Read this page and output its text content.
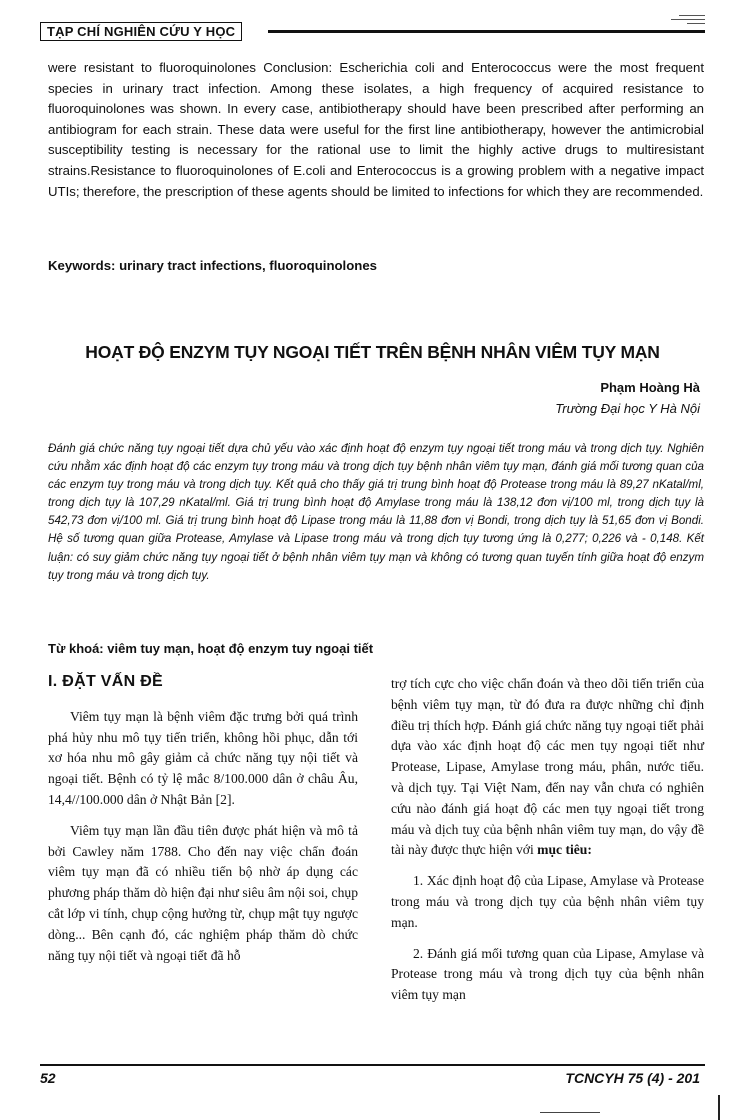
TẠP CHÍ NGHIÊN CỨU Y HỌC
were resistant to fluoroquinolones Conclusion: Escherichia coli and Enterococcus were the most frequent species in urinary tract infection. Among these isolates, a high frequency of acquired resistance to fluoroquinolones was shown. In every case, antibiotherapy should have been prescribed after performing an antibiogram for each strain. These data were useful for the first line antibiotherapy, however the antimicrobial susceptibility testing is necessary for the rational use to limit the highly active drugs to multiresistant strains.Resistance to fluoroquinolones of E.coli and Enterococcus is a growing problem with a negative impact UTIs; therefore, the prescription of these agents should be limited to infections for which they are recommended.
Keywords: urinary tract infections, fluoroquinolones
HOẠT ĐỘ ENZYM TỤY NGOẠI TIẾT TRÊN BỆNH NHÂN VIÊM TỤY MẠN
Phạm Hoàng Hà
Trường Đại học Y Hà Nội
Đánh giá chức năng tụy ngoại tiết dựa chủ yếu vào xác định hoạt độ enzym tụy ngoại tiết trong máu và trong dịch tụy. Nghiên cứu nhằm xác định hoạt độ các enzym tụy trong máu và trong dịch tụy bệnh nhân viêm tụy mạn, đánh giá mối tương quan của các enzym tụy trong máu và trong dịch tụy. Kết quả cho thấy giá trị trung bình hoạt độ Protease trong máu là 89,27 nKatal/ml, trong dịch tụy là 107,29 nKatal/ml. Giá trị trung bình hoạt độ Amylase trong máu là 138,12 đơn vị/100 ml, trong dịch tụy là 542,73 đơn vị/100 ml. Giá trị trung bình hoạt độ Lipase trong máu là 11,88 đơn vị Bondi, trong dịch tụy là 51,65 đơn vị Bondi. Hệ số tương quan giữa Protease, Amylase và Lipase trong máu và trong dịch tụy tương ứng là 0,277; 0,226 và - 0,148. Kết luận: có suy giảm chức năng tụy ngoại tiết ở bệnh nhân viêm tụy mạn và không có tương quan tuyến tính giữa hoạt độ enzym tụy trong máu và trong dịch tụy.
Từ khoá: viêm tuy mạn, hoạt độ enzym tuy ngoại tiết
I. ĐẶT VẤN ĐỀ

Viêm tụy mạn là bệnh viêm đặc trưng bởi quá trình phá hủy nhu mô tụy tiến triển, không hồi phục, dẫn tới xơ hóa nhu mô gây giảm cả chức năng tụy nội tiết và ngoại tiết. Bệnh có tỷ lệ mắc 8/100.000 dân ở châu Âu, 14,4//100.000 dân ở Nhật Bản [2].

Viêm tụy mạn lần đầu tiên được phát hiện và mô tả bởi Cawley năm 1788. Cho đến nay việc chẩn đoán viêm tụy mạn đã có nhiều tiến bộ nhờ áp dụng các phương pháp thăm dò hiện đại như siêu âm nội soi, chụp cắt lớp vi tính, chụp cộng hưởng từ, chụp mật tụy ngược dòng... Bên cạnh đó, các nghiệm pháp thăm dò chức năng tụy nội tiết và ngoại tiết đã hỗ

trợ tích cực cho việc chẩn đoán và theo dõi tiến triển của bệnh viêm tụy mạn, từ đó đưa ra được những chỉ định điều trị thích hợp. Đánh giá chức năng tụy ngoại tiết phải dựa vào xác định hoạt độ các men tụy ngoại tiết như Protease, Lipase, Amylase trong máu, phân, nước tiểu. và dịch tụy. Tại Việt Nam, đến nay vẫn chưa có nghiên cứu nào đánh giá hoạt độ các men tụy ngoại tiết trong máu và dịch tuỵ của bệnh nhân viêm tuy mạn, do vậy đề tài này được thực hiện với mục tiêu:

1. Xác định hoạt độ của Lipase, Amylase và Protease trong máu và trong dịch tụy của bệnh nhân viêm tụy mạn.

2. Đánh giá mối tương quan của Lipase, Amylase và Protease trong máu và trong dịch tụy của bệnh nhân viêm tụy mạn

52	TCNCYH 75 (4) - 201
